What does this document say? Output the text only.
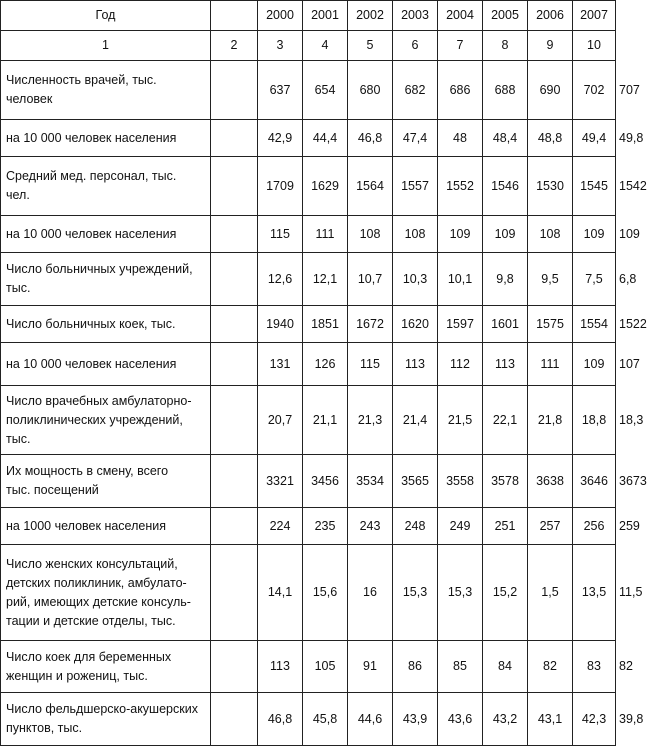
Год		2000	2001	2002	2003	2004	2005	2006	2007	
1	2	3	4	5	6	7	8	9	10	
Численность врачей, тыс.
человек		637	654	680	682	686	688	690	702	707
на 10 000 человек населения		42,9	44,4	46,8	47,4	48	48,4	48,8	49,4	49,8
Средний мед. персонал, тыс.
чел.		1709	1629	1564	1557	1552	1546	1530	1545	1542
на 10 000 человек населения		115	111	108	108	109	109	108	109	109
Число больничных учреждений,
тыс.		12,6	12,1	10,7	10,3	10,1	9,8	9,5	7,5	6,8
Число больничных коек, тыс.		1940	1851	1672	1620	1597	1601	1575	1554	1522
на 10 000 человек населения		131	126	115	113	112	113	111	109	107
Число врачебных амбулаторно-
поликлинических учреждений,
тыс.		20,7	21,1	21,3	21,4	21,5	22,1	21,8	18,8	18,3
Их мощность в смену, всего
тыс. посещений		3321	3456	3534	3565	3558	3578	3638	3646	3673
на 1000 человек населения		224	235	243	248	249	251	257	256	259
Число женских консультаций,
детских поликлиник, амбулато-
рий, имеющих детские консуль-
тации и детские отделы, тыс.		14,1	15,6	16	15,3	15,3	15,2	1,5	13,5	11,5
Число коек для беременных
женщин и рожениц, тыс.		113	105	91	86	85	84	82	83	82
Число фельдшерско-акушерских
пунктов, тыс.		46,8	45,8	44,6	43,9	43,6	43,2	43,1	42,3	39,8
